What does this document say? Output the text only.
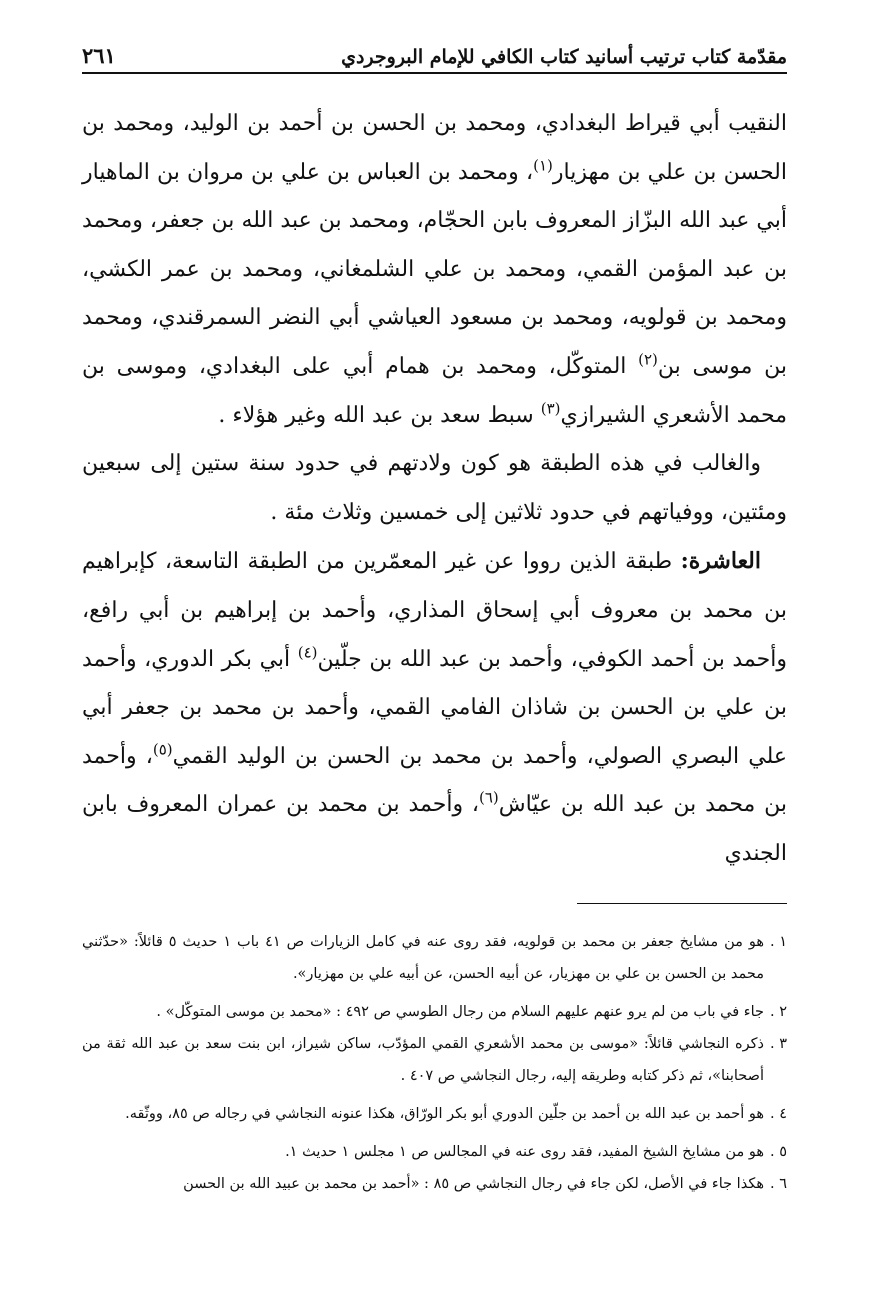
مقدّمة كتاب ترتيب أسانيد كتاب الكافي للإمام البروجردي
٢٦١

النقيب أبي قيراط البغدادي، ومحمد بن الحسن بن أحمد بن الوليد، ومحمد بن الحسن بن علي بن مهزيار$^{(١)}$، ومحمد بن العباس بن علي بن مروان بن الماهيار أبي عبد الله البزّاز المعروف بابن الحجّام، ومحمد بن عبد الله بن جعفر، ومحمد بن عبد المؤمن القمي، ومحمد بن علي الشلمغاني، ومحمد بن عمر الكشي، ومحمد بن قولويه، ومحمد بن مسعود العياشي أبي النضر السمرقندي، ومحمد بن موسى بن$^{(٢)}$ المتوكّل، ومحمد بن همام أبي على البغدادي، وموسى بن محمد الأشعري الشيرازي$^{(٣)}$ سبط سعد بن عبد الله وغير هؤلاء .

والغالب في هذه الطبقة هو كون ولادتهم في حدود سنة ستين إلى سبعين ومئتين، ووفياتهم في حدود ثلاثين إلى خمسين وثلاث مئة .

العاشرة: طبقة الذين رووا عن غير المعمّرين من الطبقة التاسعة، كإبراهيم بن محمد بن معروف أبي إسحاق المذاري، وأحمد بن إبراهيم بن أبي رافع، وأحمد بن أحمد الكوفي، وأحمد بن عبد الله بن جلّين$^{(٤)}$ أبي بكر الدوري، وأحمد بن علي بن الحسن بن شاذان الفامي القمي، وأحمد بن محمد بن جعفر أبي علي البصري الصولي، وأحمد بن محمد بن الحسن بن الوليد القمي$^{(٥)}$، وأحمد بن محمد بن عبد الله بن عيّاش$^{(٦)}$، وأحمد بن محمد بن عمران المعروف بابن الجندي

١ .
هو من مشايخ جعفر بن محمد بن قولويه، فقد روى عنه في كامل الزيارات ص ٤١ باب ١ حديث ٥ قائلاً: «حدّثني محمد بن الحسن بن علي بن مهزيار، عن أبيه الحسن، عن أبيه علي بن مهزيار».
٢ .
جاء في باب من لم يرو عنهم عليهم السلام من رجال الطوسي ص ٤٩٢ : «محمد بن موسى المتوكّل» .
٣ .
ذكره النجاشي قائلاً: «موسى بن محمد الأشعري القمي المؤدّب، ساكن شيراز، ابن بنت سعد بن عبد الله ثقة من أصحابنا»، ثم ذكر كتابه وطريقه إليه، رجال النجاشي ص ٤٠٧ .
٤ .
هو أحمد بن عبد الله بن أحمد بن جلّين الدوري أبو بكر الورّاق، هكذا عنونه النجاشي في رجاله ص ٨٥، ووثّقه.
٥ .
هو من مشايخ الشيخ المفيد، فقد روى عنه في المجالس ص ١ مجلس ١ حديث ١.
٦ .
هكذا جاء في الأصل، لكن جاء في رجال النجاشي ص ٨٥ : «أحمد بن محمد بن عبيد الله بن الحسن
